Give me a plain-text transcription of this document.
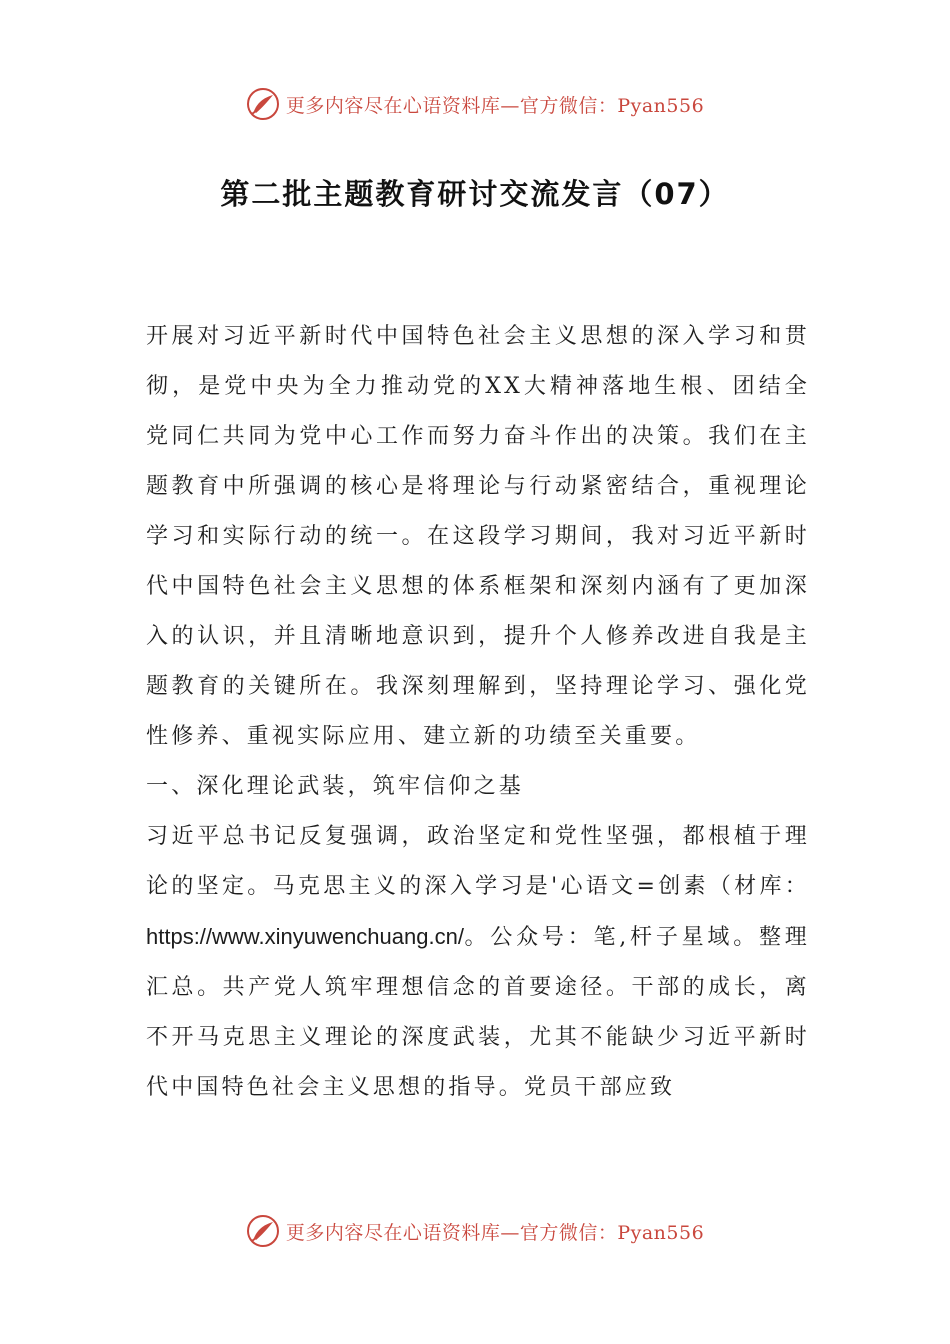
更多内容尽在心语资料库—官方微信：Pyan556
第二批主题教育研讨交流发言（07）

开展对习近平新时代中国特色社会主义思想的深入学习和贯彻，是党中央为全力推动党的XX大精神落地生根、团结全党同仁共同为党中心工作而努力奋斗作出的决策。我们在主题教育中所强调的核心是将理论与行动紧密结合，重视理论学习和实际行动的统一。在这段学习期间，我对习近平新时代中国特色社会主义思想的体系框架和深刻内涵有了更加深入的认识，并且清晰地意识到，提升个人修养改进自我是主题教育的关键所在。我深刻理解到，坚持理论学习、强化党性修养、重视实际应用、建立新的功绩至关重要。

一、深化理论武装，筑牢信仰之基

习近平总书记反复强调，政治坚定和党性坚强，都根植于理论的坚定。马克思主义的深入学习是'心语文=创素（材库：https://www.xinyuwenchuang.cn/。公众号：笔,杆子星域。整理汇总。共产党人筑牢理想信念的首要途径。干部的成长，离不开马克思主义理论的深度武装，尤其不能缺少习近平新时代中国特色社会主义思想的指导。党员干部应致

更多内容尽在心语资料库—官方微信：Pyan556
